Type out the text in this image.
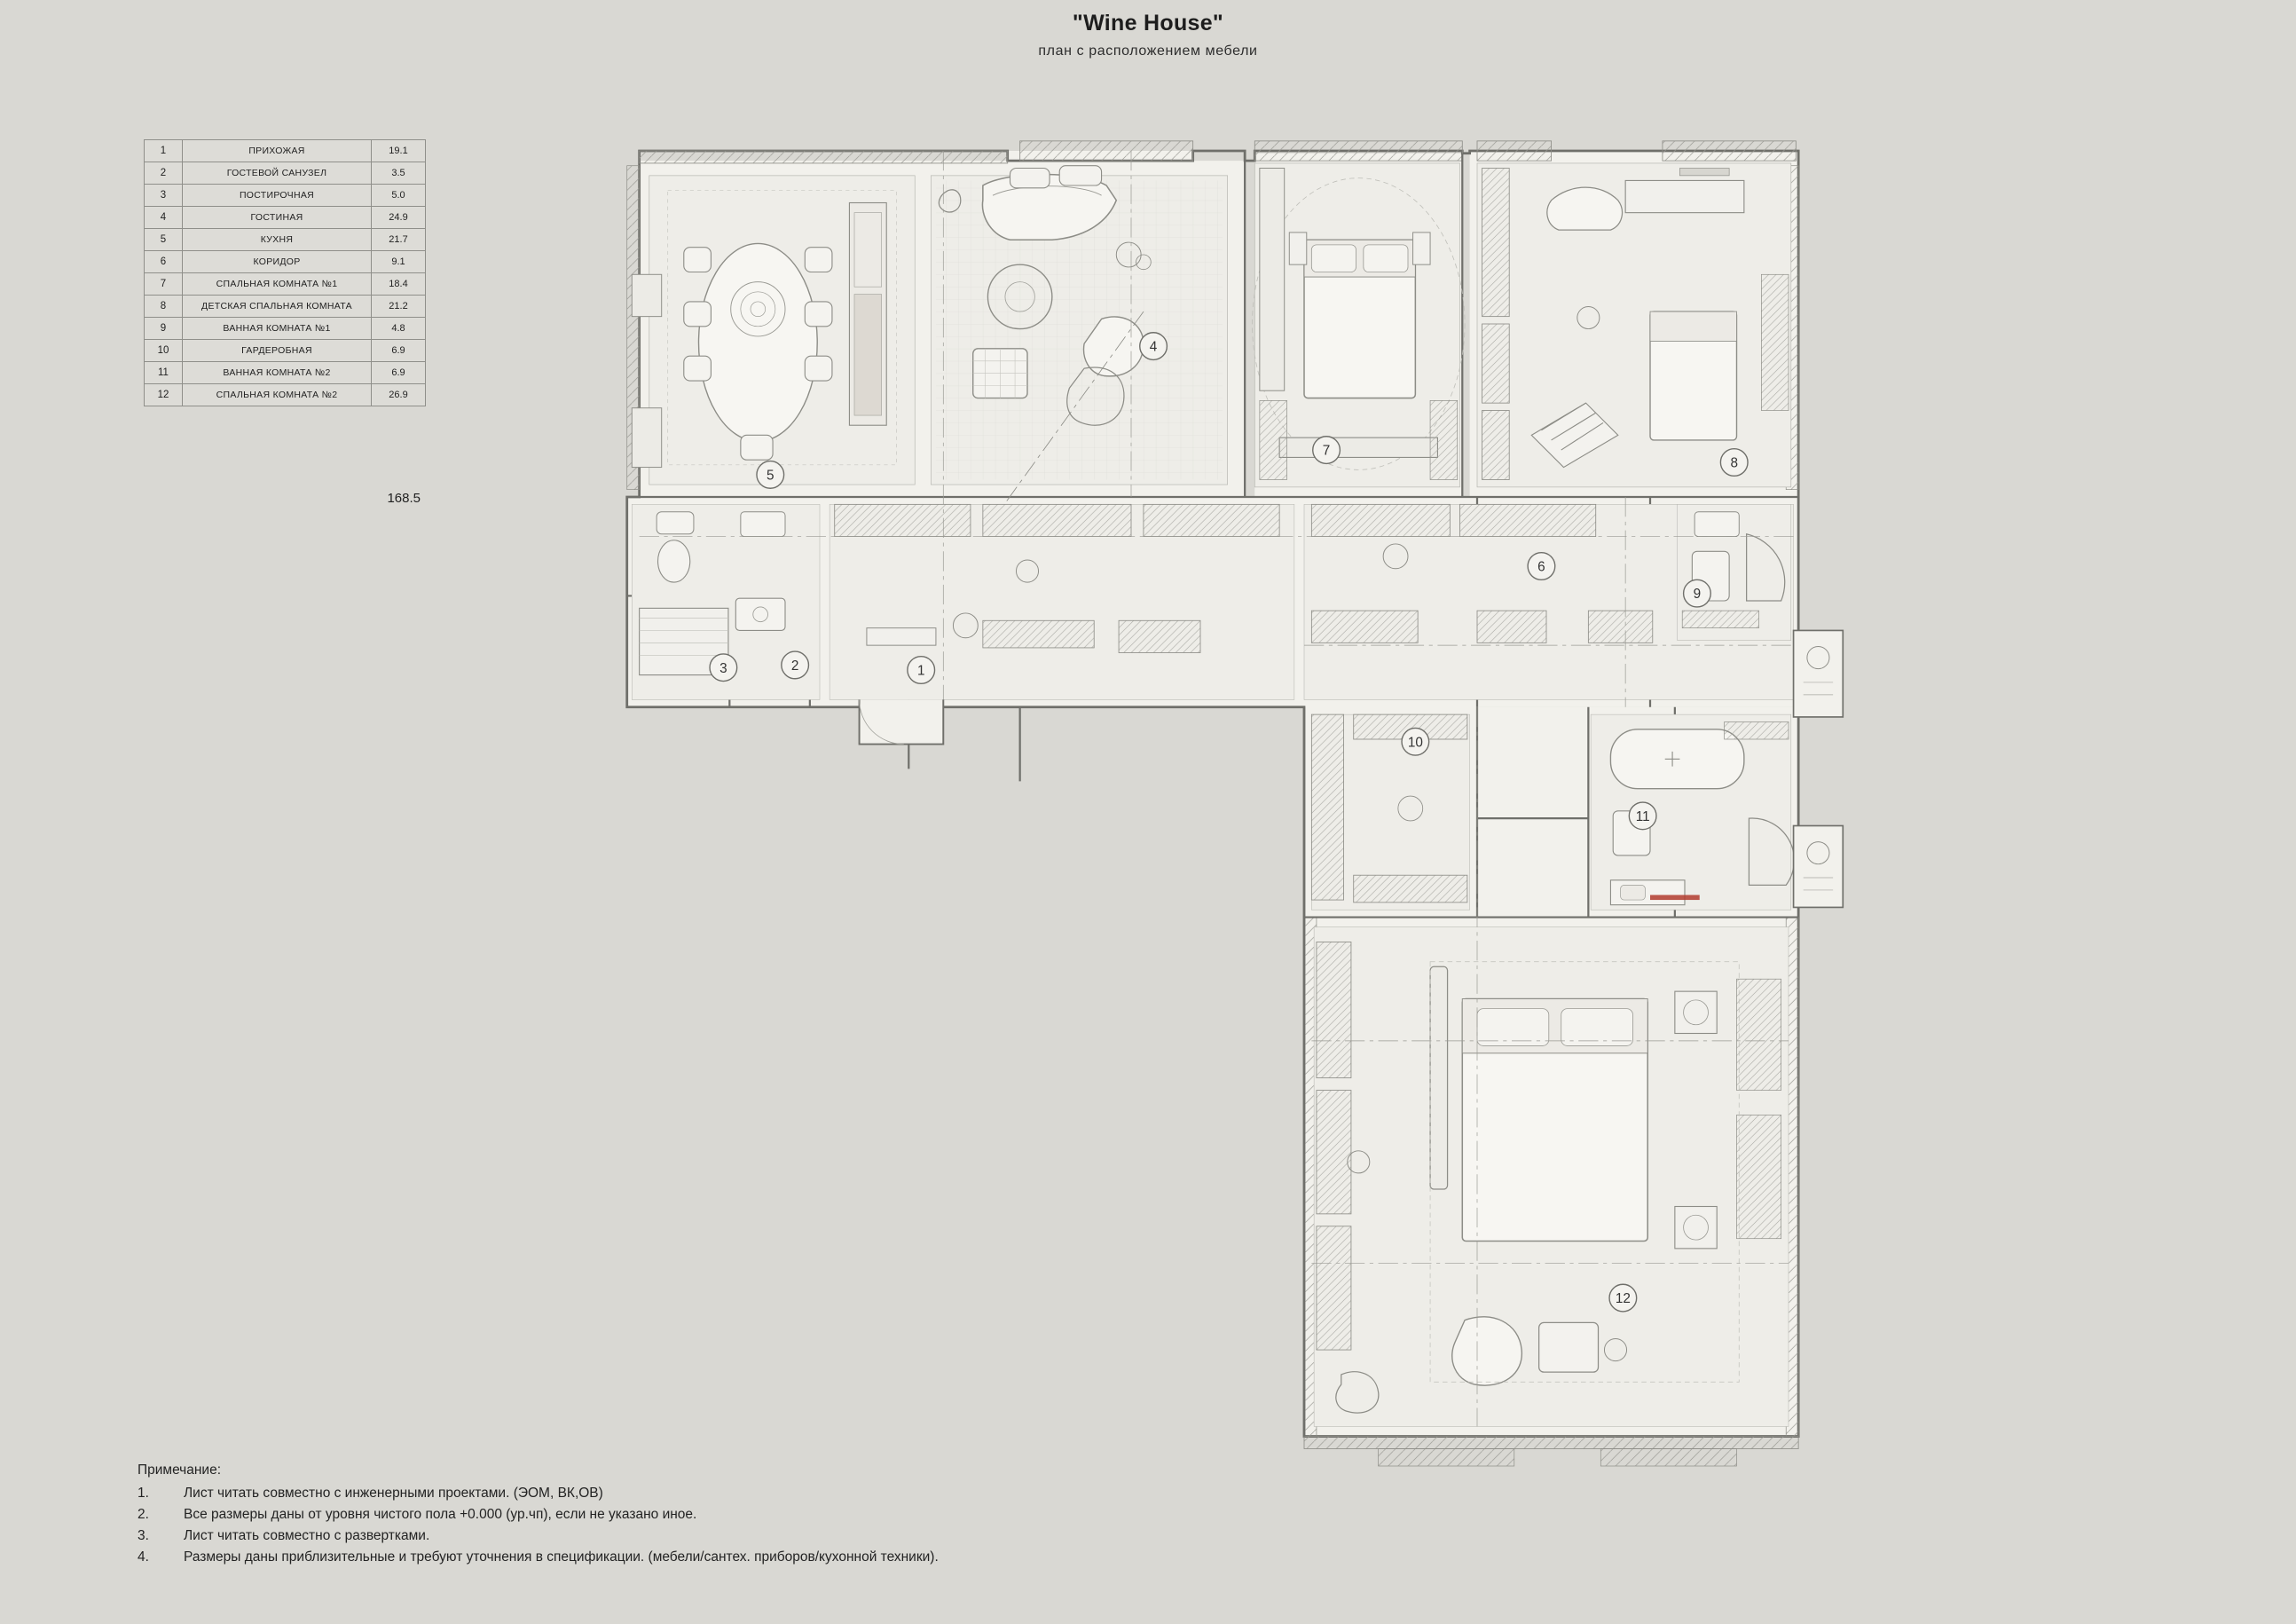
"Wine House"
план с расположением мебели
1	ПРИХОЖАЯ	19.1
2	ГОСТЕВОЙ САНУЗЕЛ	3.5
3	ПОСТИРОЧНАЯ	5.0
4	ГОСТИНАЯ	24.9
5	КУХНЯ	21.7
6	КОРИДОР	9.1
7	СПАЛЬНАЯ КОМНАТА №1	18.4
8	ДЕТСКАЯ СПАЛЬНАЯ КОМНАТА	21.2
9	ВАННАЯ КОМНАТА №1	4.8
10	ГАРДЕРОБНАЯ	6.9
11	ВАННАЯ КОМНАТА №2	6.9
12	СПАЛЬНАЯ КОМНАТА №2	26.9
168.5
Примечание:
1.	Лист читать совместно с инженерными проектами. (ЭОМ, ВК,ОВ)
2.	Все размеры даны от уровня чистого пола +0.000 (ур.чп), если не указано иное.
3.	Лист читать совместно с развертками.
4.	Размеры даны приблизительные и требуют уточнения в спецификации. (мебели/сантех. приборов/кухонной техники).
1
2
3
4
5
6
7
8
9
10
11
12
